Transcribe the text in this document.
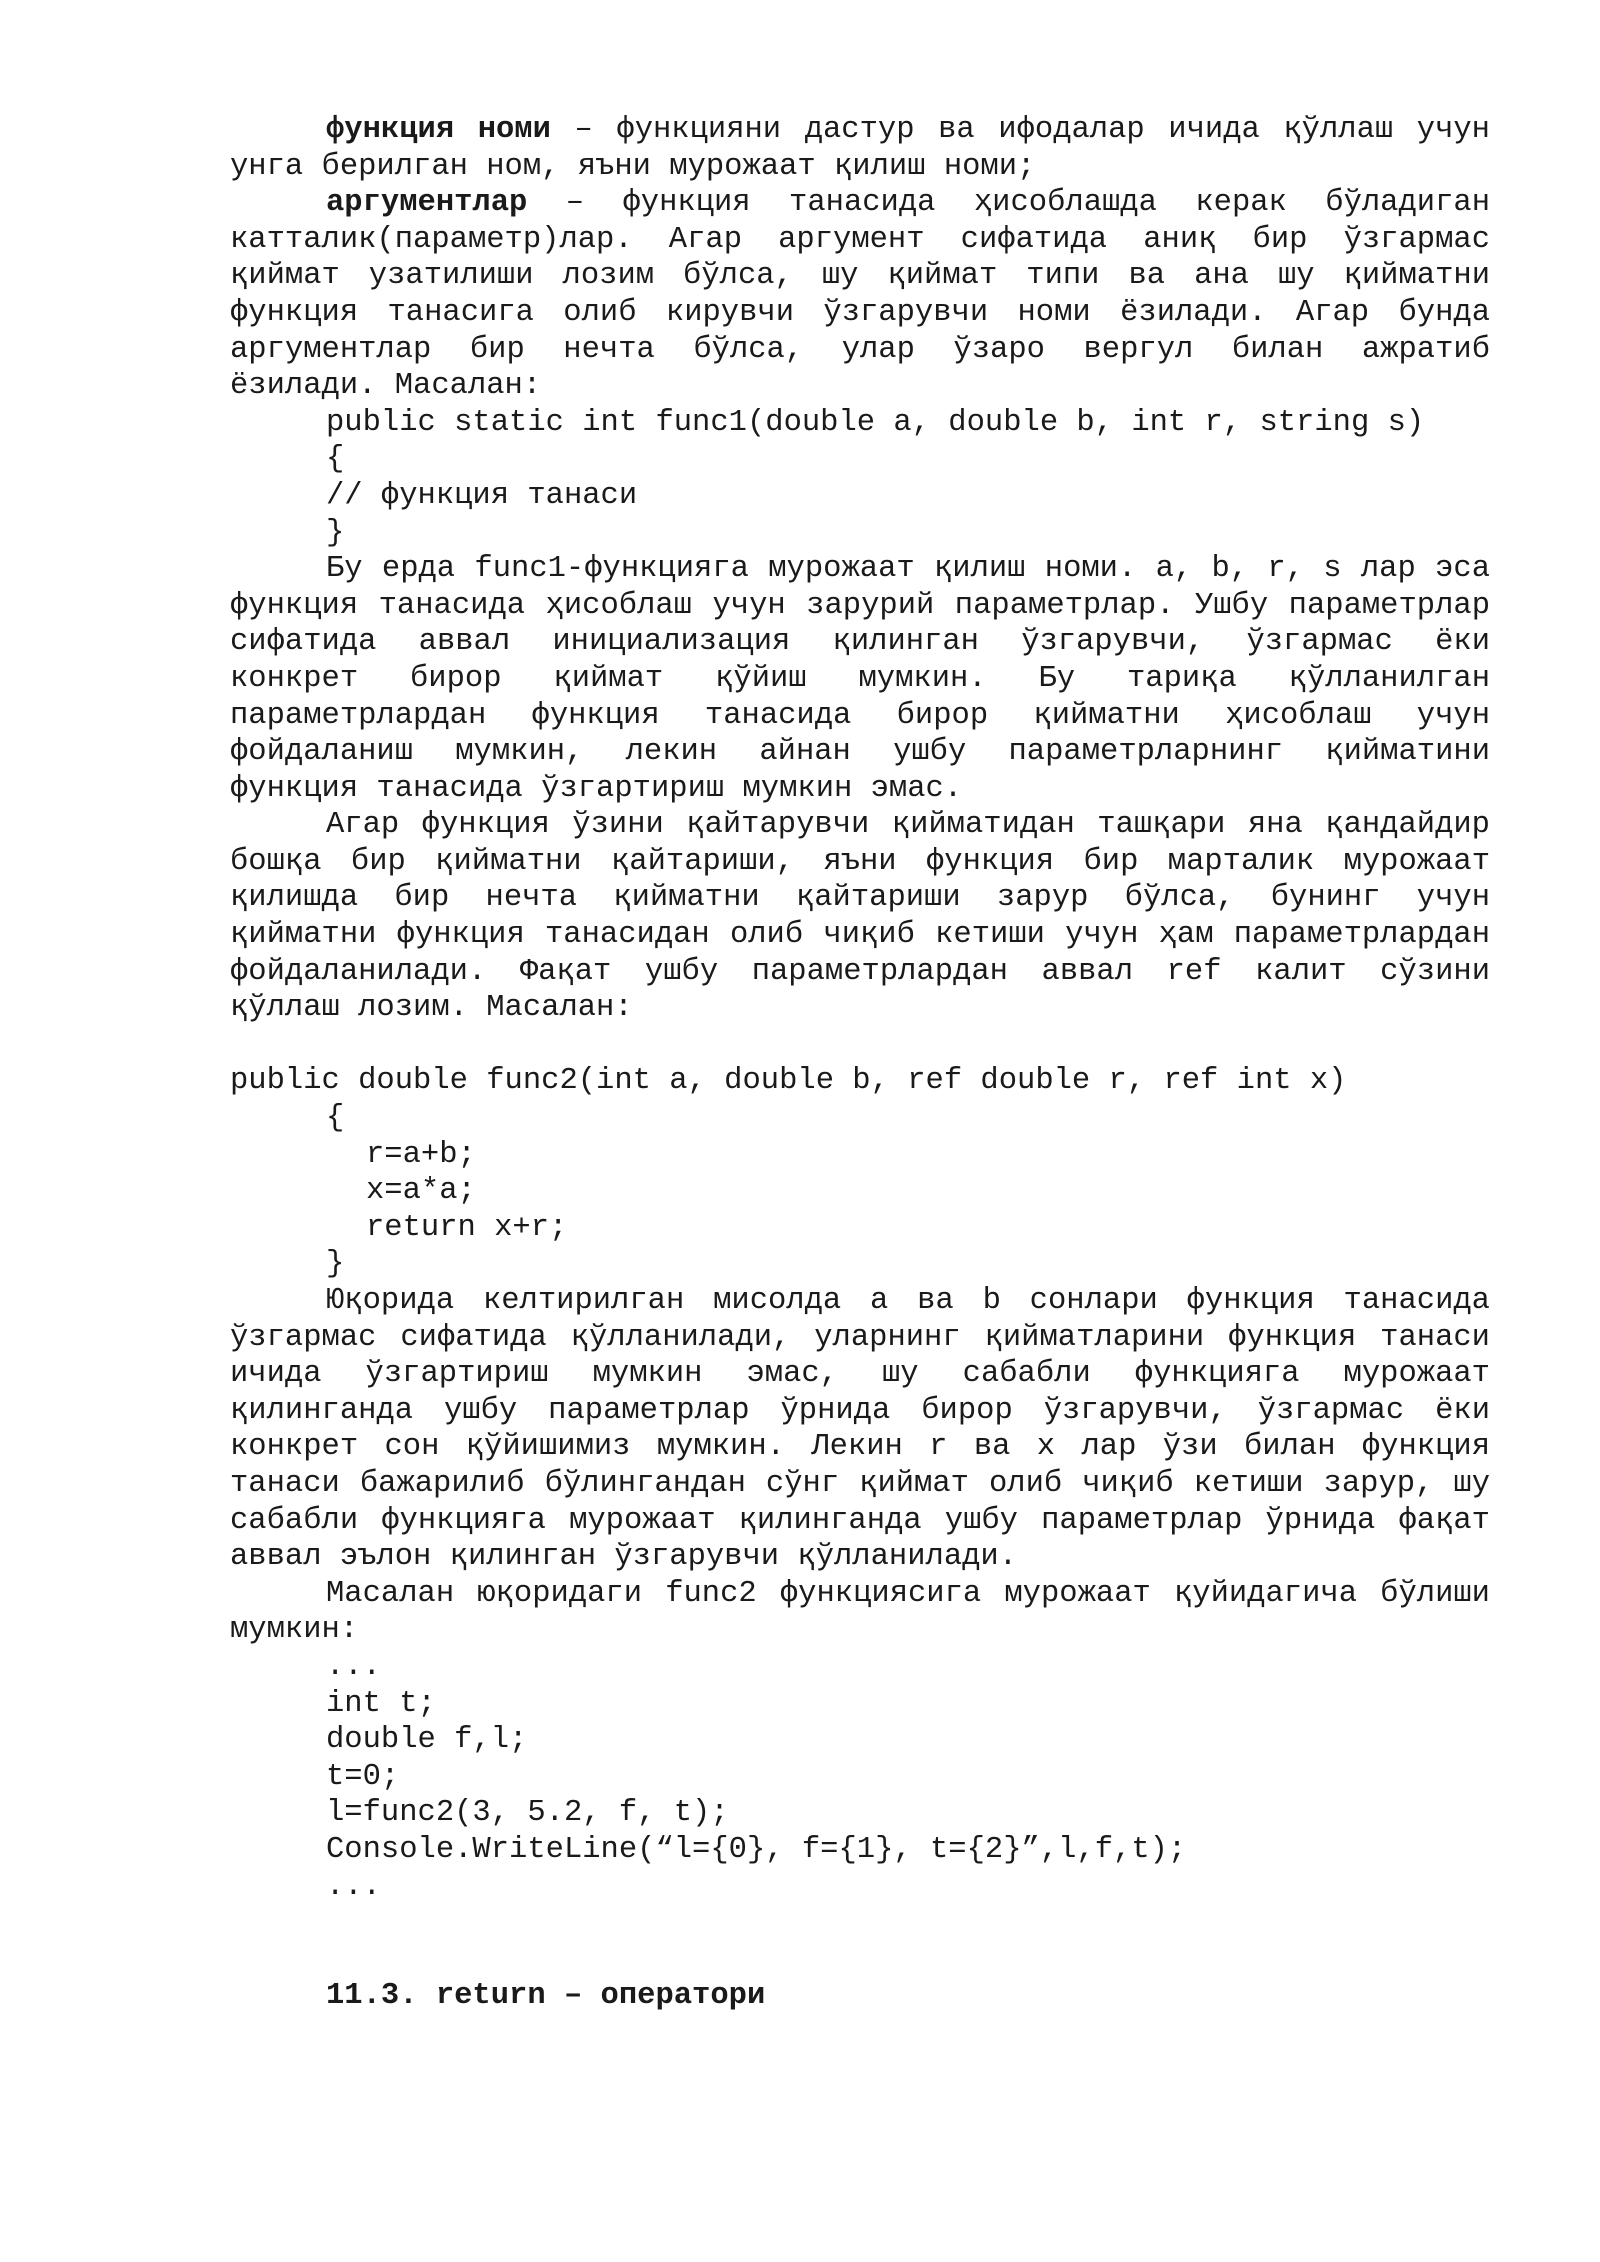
функция номи – функцияни дастур ва ифодалар ичида қўллаш учун унга берилган ном, яъни мурожаат қилиш номи;

аргументлар – функция танасида ҳисоблашда керак бўладиган катталик(параметр)лар. Агар аргумент сифатида аниқ бир ўзгармас қиймат узатилиши лозим бўлса, шу қиймат типи ва ана шу қийматни функция танасига олиб кирувчи ўзгарувчи номи ёзилади. Агар бунда аргументлар бир нечта бўлса, улар ўзаро вергул билан ажратиб ёзилади. Масалан:

public static int func1(double a, double b, int r, string s)

{

// функция танаси

}

Бу ерда func1-функцияга мурожаат қилиш номи. a, b, r, s лар эса функция танасида ҳисоблаш учун зарурий параметрлар. Ушбу параметрлар сифатида аввал инициализация қилинган ўзгарувчи, ўзгармас ёки конкрет бирор қиймат қўйиш мумкин. Бу тариқа қўлланилган параметрлардан функция танасида бирор қийматни ҳисоблаш учун фойдаланиш мумкин, лекин айнан ушбу параметрларнинг қийматини функция танасида ўзгартириш мумкин эмас.

Агар функция ўзини қайтарувчи қийматидан ташқари яна қандайдир бошқа бир қийматни қайтариши, яъни функция бир марталик мурожаат қилишда бир нечта қийматни қайтариши зарур бўлса, бунинг учун қийматни функция танасидан олиб чиқиб кетиши учун ҳам параметрлардан фойдаланилади. Фақат ушбу параметрлардан аввал ref калит сўзини қўллаш лозим. Масалан:

public double func2(int a, double b, ref double r, ref int x)

{

r=a+b;

x=a*a;

return x+r;

}

Юқорида келтирилган мисолда a ва b сонлари функция танасида ўзгармас сифатида қўлланилади, уларнинг қийматларини функция танаси ичида ўзгартириш мумкин эмас, шу сабабли функцияга мурожаат қилинганда ушбу параметрлар ўрнида бирор ўзгарувчи, ўзгармас ёки конкрет сон қўйишимиз мумкин. Лекин r ва x лар ўзи билан функция танаси бажарилиб бўлингандан сўнг қиймат олиб чиқиб кетиши зарур, шу сабабли функцияга мурожаат қилинганда ушбу параметрлар ўрнида фақат аввал эълон қилинган ўзгарувчи қўлланилади.

Масалан юқоридаги func2 функциясига мурожаат қуйидагича бўлиши мумкин:

...

int t;

double f,l;

t=0;

l=func2(3, 5.2, f, t);

Console.WriteLine(“l={0}, f={1}, t={2}”,l,f,t);

...

11.3. return – оператори
